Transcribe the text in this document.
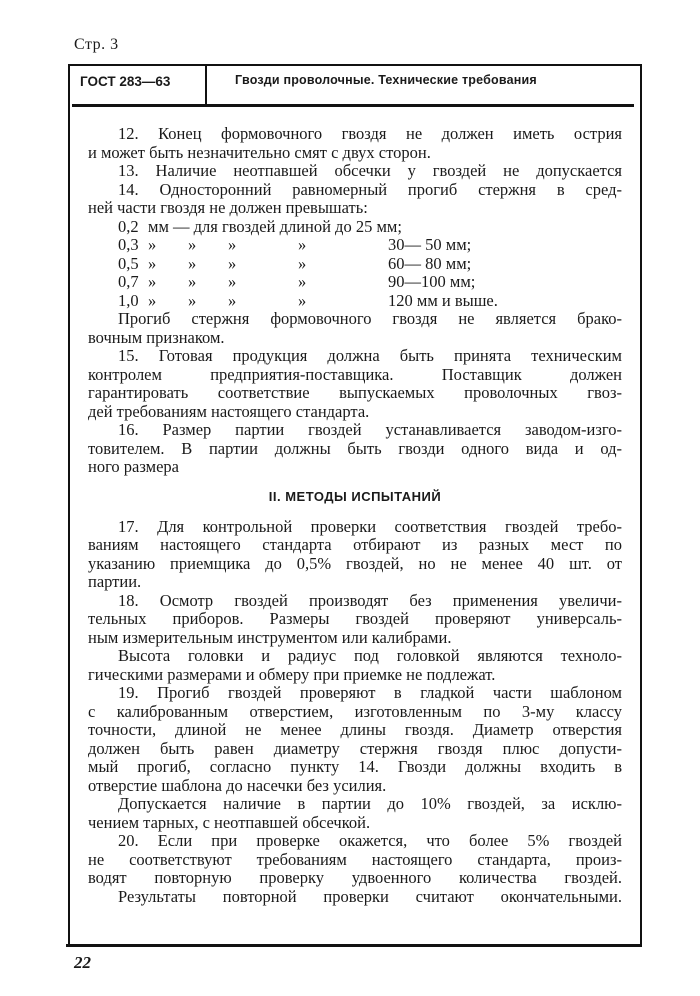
Стр. 3
ГОСТ 283—63	Гвозди проволочные. Технические требования
12. Конец формовочного гвоздя не должен иметь острия
и может быть незначительно смят с двух сторон.
13. Наличие неотпавшей обсечки у гвоздей не допускается
14. Односторонний равномерный прогиб стержня в сред-
ней части гвоздя не должен превышать:
0,2 мм — для гвоздей длиной до 25 мм;
0,3 »	»	»	»	30— 50 мм;
0,5 »	»	»	»	60— 80 мм;
0,7 »	»	»	»	90—100 мм;
1,0 »	»	»	»	120 мм и выше.
Прогиб стержня формовочного гвоздя не является брако-
вочным признаком.
15. Готовая продукция должна быть принята техническим
контролем предприятия-поставщика. Поставщик должен
гарантировать соответствие выпускаемых проволочных гвоз-
дей требованиям настоящего стандарта.
16. Размер партии гвоздей устанавливается заводом-изго-
товителем. В партии должны быть гвозди одного вида и од-
ного размера
II. МЕТОДЫ ИСПЫТАНИЙ
17. Для контрольной проверки соответствия гвоздей требо-
ваниям настоящего стандарта отбирают из разных мест по
указанию приемщика до 0,5% гвоздей, но не менее 40 шт. от
партии.
18. Осмотр гвоздей производят без применения увеличи-
тельных приборов. Размеры гвоздей проверяют универсаль-
ным измерительным инструментом или калибрами.
Высота головки и радиус под головкой являются техноло-
гическими размерами и обмеру при приемке не подлежат.
19. Прогиб гвоздей проверяют в гладкой части шаблоном
с калиброванным отверстием, изготовленным по 3-му классу
точности, длиной не менее длины гвоздя. Диаметр отверстия
должен быть равен диаметру стержня гвоздя плюс допусти-
мый прогиб, согласно пункту 14. Гвозди должны входить в
отверстие шаблона до насечки без усилия.
Допускается наличие в партии до 10% гвоздей, за исклю-
чением тарных, с неотпавшей обсечкой.
20. Если при проверке окажется, что более 5% гвоздей
не соответствуют требованиям настоящего стандарта, произ-
водят повторную проверку удвоенного количества гвоздей.
Результаты повторной проверки считают окончательными.
22
